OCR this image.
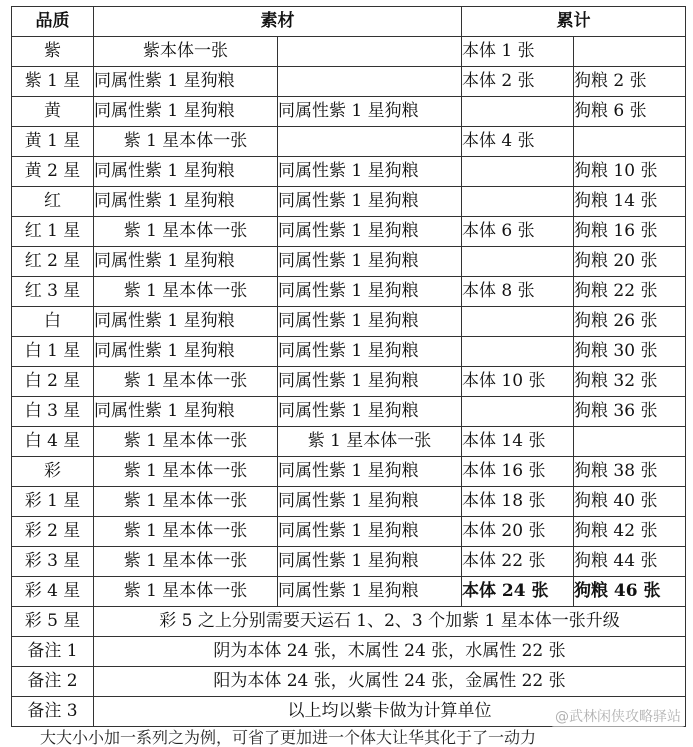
品质	素材		累计	
紫	紫本体一张		本体 1 张	
紫 1 星	同属性紫 1 星狗粮		本体 2 张	狗粮 2 张
黄	同属性紫 1 星狗粮	同属性紫 1 星狗粮		狗粮 6 张
黄 1 星	紫 1 星本体一张		本体 4 张	
黄 2 星	同属性紫 1 星狗粮	同属性紫 1 星狗粮		狗粮 10 张
红	同属性紫 1 星狗粮	同属性紫 1 星狗粮		狗粮 14 张
红 1 星	紫 1 星本体一张	同属性紫 1 星狗粮	本体 6 张	狗粮 16 张
红 2 星	同属性紫 1 星狗粮	同属性紫 1 星狗粮		狗粮 20 张
红 3 星	紫 1 星本体一张	同属性紫 1 星狗粮	本体 8 张	狗粮 22 张
白	同属性紫 1 星狗粮	同属性紫 1 星狗粮		狗粮 26 张
白 1 星	同属性紫 1 星狗粮	同属性紫 1 星狗粮		狗粮 30 张
白 2 星	紫 1 星本体一张	同属性紫 1 星狗粮	本体 10 张	狗粮 32 张
白 3 星	同属性紫 1 星狗粮	同属性紫 1 星狗粮		狗粮 36 张
白 4 星	紫 1 星本体一张	紫 1 星本体一张	本体 14 张	
彩	紫 1 星本体一张	同属性紫 1 星狗粮	本体 16 张	狗粮 38 张
彩 1 星	紫 1 星本体一张	同属性紫 1 星狗粮	本体 18 张	狗粮 40 张
彩 2 星	紫 1 星本体一张	同属性紫 1 星狗粮	本体 20 张	狗粮 42 张
彩 3 星	紫 1 星本体一张	同属性紫 1 星狗粮	本体 22 张	狗粮 44 张
彩 4 星	紫 1 星本体一张	同属性紫 1 星狗粮	本体 24 张	狗粮 46 张
彩 5 星	彩 5 之上分别需要天运石 1、2、3 个加紫 1 星本体一张升级			
备注 1	阴为本体 24 张，木属性 24 张，水属性 22 张			
备注 2	阳为本体 24 张，火属性 24 张，金属性 22 张			
备注 3	以上均以紫卡做为计算单位			
大大小小加一系列之为例，可省了更加进一个体大让华其化于了一动力
@武林闲侠攻略驿站
